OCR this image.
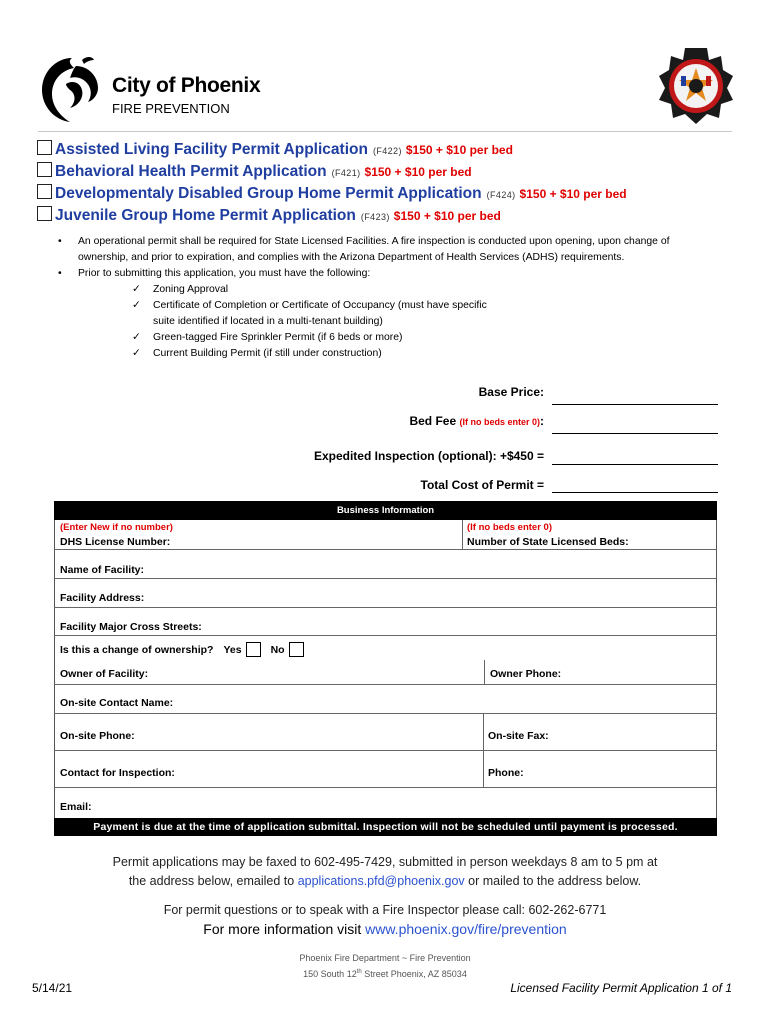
City of Phoenix
FIRE PREVENTION
Assisted Living Facility Permit Application (F422) $150 + $10 per bed
Behavioral Health Permit Application (F421) $150 + $10 per bed
Developmentaly Disabled Group Home Permit Application (F424) $150 + $10 per bed
Juvenile Group Home Permit Application (F423) $150 + $10 per bed
• An operational permit shall be required for State Licensed Facilities. A fire inspection is conducted upon opening, upon change of ownership, and prior to expiration, and complies with the Arizona Department of Health Services (ADHS) requirements.
• Prior to submitting this application, you must have the following:
✓ Zoning Approval
✓ Certificate of Completion or Certificate of Occupancy (must have specific
suite identified if located in a multi-tenant building)
✓ Green-tagged Fire Sprinkler Permit (if 6 beds or more)
✓ Current Building Permit (if still under construction)
Base Price:
Bed Fee (If no beds enter 0):
Expedited Inspection (optional): +$450 =
Total Cost of Permit =
Business Information
(Enter New if no number)
DHS License Number:
(If no beds enter 0)
Number of State Licensed Beds:
Name of Facility:
Facility Address:
Facility Major Cross Streets:
Is this a change of ownership? Yes	No
Owner of Facility:	Owner Phone:
On-site Contact Name:
On-site Phone:	On-site Fax:
Contact for Inspection:	Phone:
Email:
Payment is due at the time of application submittal. Inspection will not be scheduled until payment is processed.
Permit applications may be faxed to 602-495-7429, submitted in person weekdays 8 am to 5 pm at
the address below, emailed to applications.pfd@phoenix.gov or mailed to the address below.
For permit questions or to speak with a Fire Inspector please call: 602-262-6771
For more information visit www.phoenix.gov/fire/prevention
Phoenix Fire Department ~ Fire Prevention
150 South 12th Street Phoenix, AZ 85034
5/14/21	Licensed Facility Permit Application 1 of 1
